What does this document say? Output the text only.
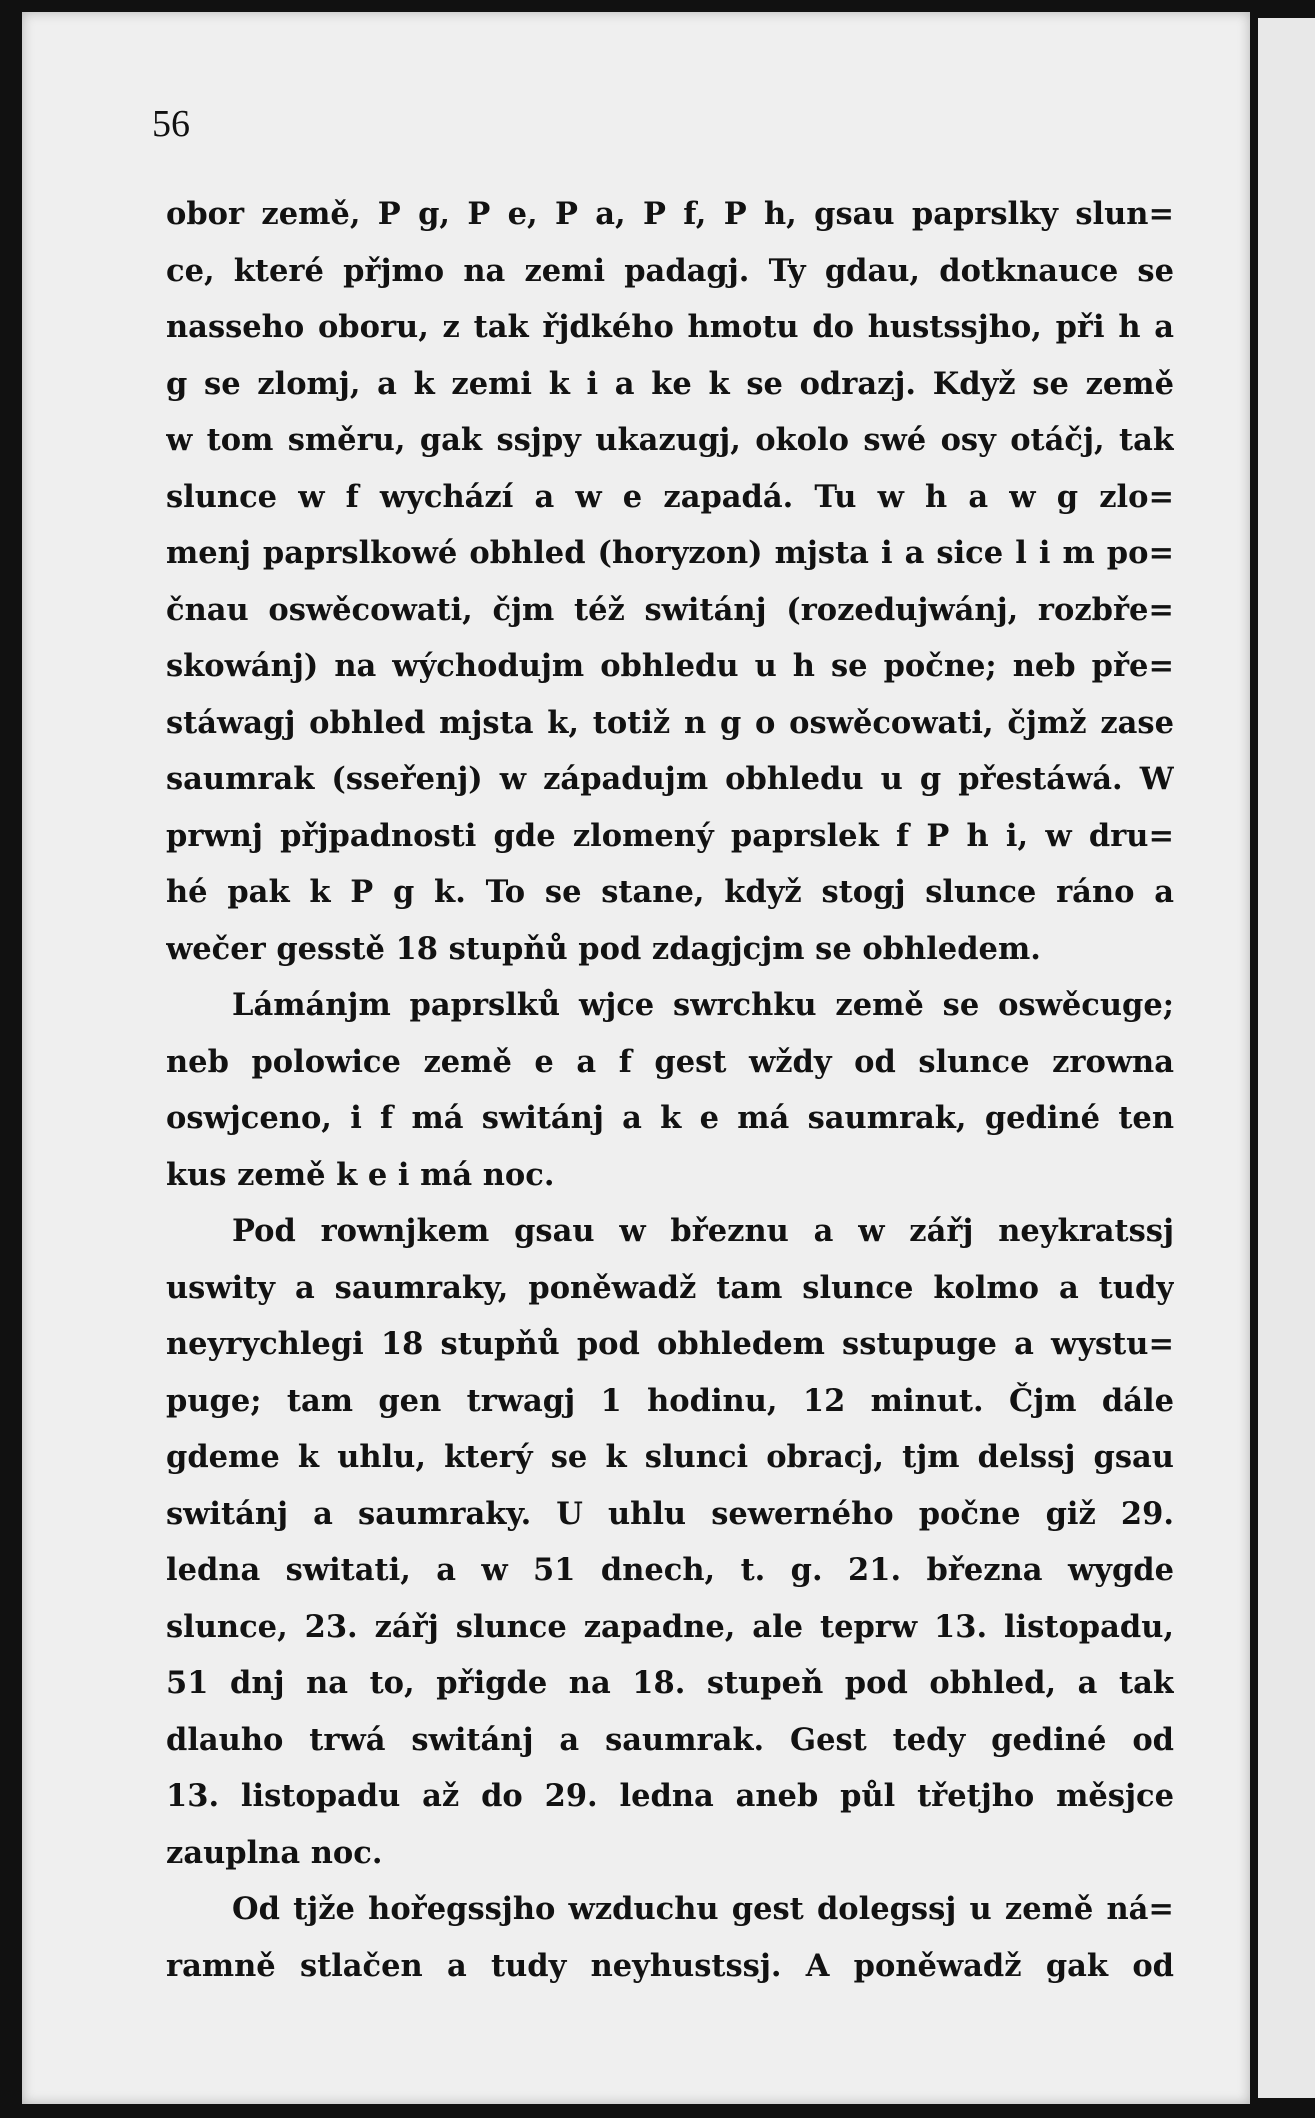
56
obor země, P g, P e, P a, P f, P h, gsau paprslky slun=
ce, které přjmo na zemi padagj. Ty gdau, dotknauce se
nasseho oboru, z tak řjdkého hmotu do hustssjho, při h a
g se zlomj, a k zemi k i a ke k se odrazj. Když se země
w tom směru, gak ssjpy ukazugj, okolo swé osy otáčj, tak
slunce w f wychází a w e zapadá. Tu w h a w g zlo=
menj paprslkowé obhled (horyzon) mjsta i a sice l i m po=
čnau oswěcowati, čjm též switánj (rozedujwánj, rozbře=
skowánj) na wýchodujm obhledu u h se počne; neb pře=
stáwagj obhled mjsta k, totiž n g o oswěcowati, čjmž zase
saumrak (sseřenj) w západujm obhledu u g přestáwá. W
prwnj přjpadnosti gde zlomený paprslek f P h i, w dru=
hé pak k P g k. To se stane, když stogj slunce ráno a
wečer gesstě 18 stupňů pod zdagjcjm se obhledem.
Lámánjm paprslků wjce swrchku země se oswěcuge;
neb polowice země e a f gest wždy od slunce zrowna
oswjceno, i f má switánj a k e má saumrak, gediné ten
kus země k e i má noc.
Pod rownjkem gsau w březnu a w zářj neykratssj
uswity a saumraky, poněwadž tam slunce kolmo a tudy
neyrychlegi 18 stupňů pod obhledem sstupuge a wystu=
puge; tam gen trwagj 1 hodinu, 12 minut. Čjm dále
gdeme k uhlu, který se k slunci obracj, tjm delssj gsau
switánj a saumraky. U uhlu sewerného počne giž 29.
ledna switati, a w 51 dnech, t. g. 21. března wygde
slunce, 23. zářj slunce zapadne, ale teprw 13. listopadu,
51 dnj na to, přigde na 18. stupeň pod obhled, a tak
dlauho trwá switánj a saumrak. Gest tedy gediné od
13. listopadu až do 29. ledna aneb půl třetjho měsjce
zauplna noc.
Od tjže hořegssjho wzduchu gest dolegssj u země ná=
ramně stlačen a tudy neyhustssj. A poněwadž gak od
